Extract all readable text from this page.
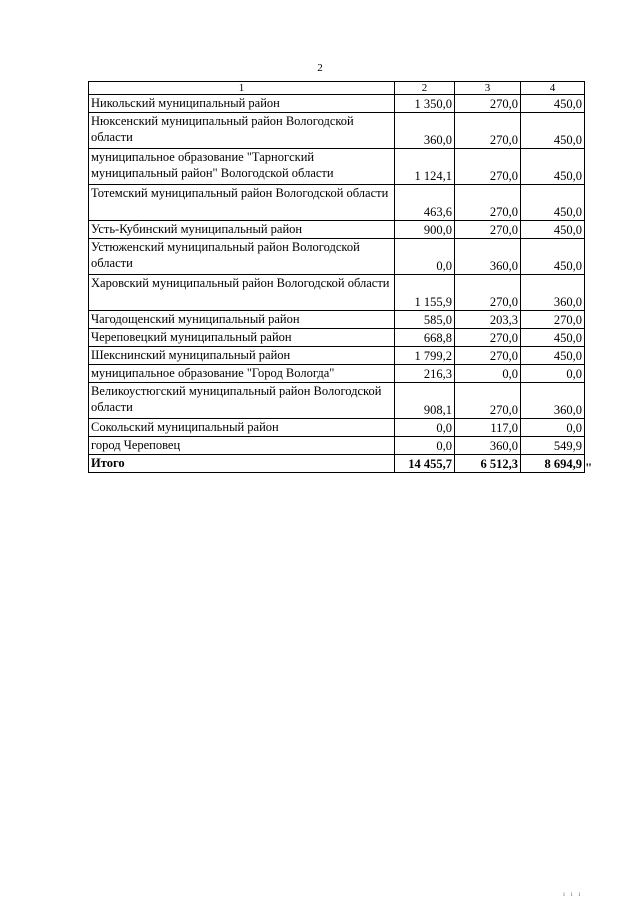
2
1	2	3	4
Никольский муниципальный район	1 350,0	270,0	450,0
Нюксенский муниципальный район Вологодской области	360,0	270,0	450,0
муниципальное образование "Тарногский муниципальный район" Вологодской области	1 124,1	270,0	450,0
Тотемский муниципальный район Вологодской области	463,6	270,0	450,0
Усть-Кубинский муниципальный район	900,0	270,0	450,0
Устюженский муниципальный район Вологодской области	0,0	360,0	450,0
Харовский муниципальный район Вологодской области	1 155,9	270,0	360,0
Чагодощенский муниципальный район	585,0	203,3	270,0
Череповецкий муниципальный район	668,8	270,0	450,0
Шекснинский муниципальный район	1 799,2	270,0	450,0
муниципальное образование "Город Вологда"	216,3	0,0	0,0
Великоустюгский муниципальный район Вологодской области	908,1	270,0	360,0
Сокольский муниципальный район	0,0	117,0	0,0
город Череповец	0,0	360,0	549,9
Итого	14 455,7	6 512,3	8 694,9 "
ı ı ı
